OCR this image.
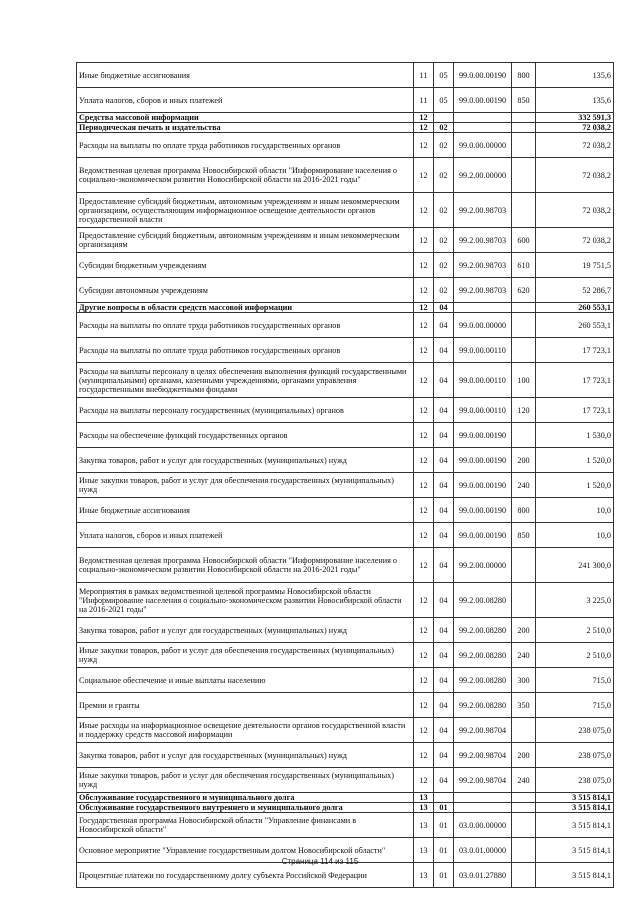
Иные бюджетные ассигнования	11	05	99.0.00.00190	800	135,6
Уплата налогов, сборов и иных платежей	11	05	99.0.00.00190	850	135,6
Средства массовой информации	12				332 591,3
Периодическая печать и издательства	12	02			72 038,2
Расходы на выплаты по оплате труда работников государственных органов	12	02	99.0.00.00000		72 038,2
Ведомственная целевая программа Новосибирской области "Информирование населения о социально-экономическом развитии Новосибирской области на 2016-2021 годы"	12	02	99.2.00.00000		72 038,2
Предоставление субсидий бюджетным, автономным учреждениям и иным некоммерческим организациям, осуществляющим информационное освещение деятельности органов государственной власти	12	02	99.2.00.98703		72 038,2
Предоставление субсидий бюджетным, автономным учреждениям и иным некоммерческим организациям	12	02	99.2.00.98703	600	72 038,2
Субсидии бюджетным учреждениям	12	02	99.2.00.98703	610	19 751,5
Субсидии автономным учреждениям	12	02	99.2.00.98703	620	52 286,7
Другие вопросы в области средств массовой информации	12	04			260 553,1
Расходы на выплаты по оплате труда работников государственных органов	12	04	99.0.00.00000		260 553,1
Расходы на выплаты по оплате труда работников государственных органов	12	04	99.0.00.00110		17 723,1
Расходы на выплаты персоналу в целях обеспечения выполнения функций государственными (муниципальными) органами, казенными учреждениями, органами управления государственными внебюджетными фондами	12	04	99.0.00.00110	100	17 723,1
Расходы на выплаты персоналу государственных (муниципальных) органов	12	04	99.0.00.00110	120	17 723,1
Расходы на обеспечение функций государственных органов	12	04	99.0.00.00190		1 530,0
Закупка товаров, работ и услуг для государственных (муниципальных) нужд	12	04	99.0.00.00190	200	1 520,0
Иные закупки товаров, работ и услуг для обеспечения государственных (муниципальных) нужд	12	04	99.0.00.00190	240	1 520,0
Иные бюджетные ассигнования	12	04	99.0.00.00190	800	10,0
Уплата налогов, сборов и иных платежей	12	04	99.0.00.00190	850	10,0
Ведомственная целевая программа Новосибирской области "Информирование населения о социально-экономическом развитии Новосибирской области на 2016-2021 годы"	12	04	99.2.00.00000		241 300,0
Мероприятия в рамках ведомственной целевой программы Новосибирской области "Информирование населения о социально-экономическом развитии Новосибирской области на 2016-2021 годы"	12	04	99.2.00.08280		3 225,0
Закупка товаров, работ и услуг для государственных (муниципальных) нужд	12	04	99.2.00.08280	200	2 510,0
Иные закупки товаров, работ и услуг для обеспечения государственных (муниципальных) нужд	12	04	99.2.00.08280	240	2 510,0
Социальное обеспечение и иные выплаты населению	12	04	99.2.00.08280	300	715,0
Премии и гранты	12	04	99.2.00.08280	350	715,0
Иные расходы на информационное освещение деятельности органов государственной власти и поддержку средств массовой информации	12	04	99.2.00.98704		238 075,0
Закупка товаров, работ и услуг для государственных (муниципальных) нужд	12	04	99.2.00.98704	200	238 075,0
Иные закупки товаров, работ и услуг для обеспечения государственных (муниципальных) нужд	12	04	99.2.00.98704	240	238 075,0
Обслуживание государственного и муниципального долга	13				3 515 814,1
Обслуживание государственного внутреннего и муниципального долга	13	01			3 515 814,1
Государственная программа Новосибирской области "Управление финансами в Новосибирской области"	13	01	03.0.00.00000		3 515 814,1
Основное мероприятие "Управление государственным долгом Новосибирской области"	13	01	03.0.01.00000		3 515 814,1
Процентные платежи по государственному долгу субъекта Российской Федерации	13	01	03.0.01.27880		3 515 814,1
Страница 114 из 115
